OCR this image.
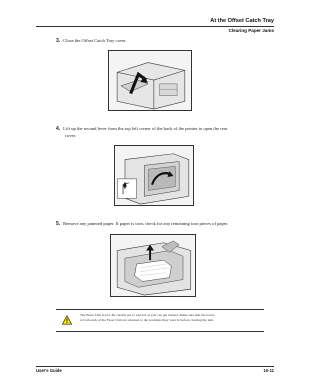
At the Offset Catch Tray
Clearing Paper Jams
3. Close the Offset Catch Tray cover.
4. Lift up the second lever from the top left corner of the back of the printer to open the rear
cover.
5. Remove any jammed paper. If paper is torn, check for any remaining torn pieces of paper.
The Fuser Unit is hot. Be careful not to touch it as you can get burned. Make sure that the levers
at both ends of the Fuser Unit are returned to the positions they were in before clearing the jam.
User's Guide	10-11
